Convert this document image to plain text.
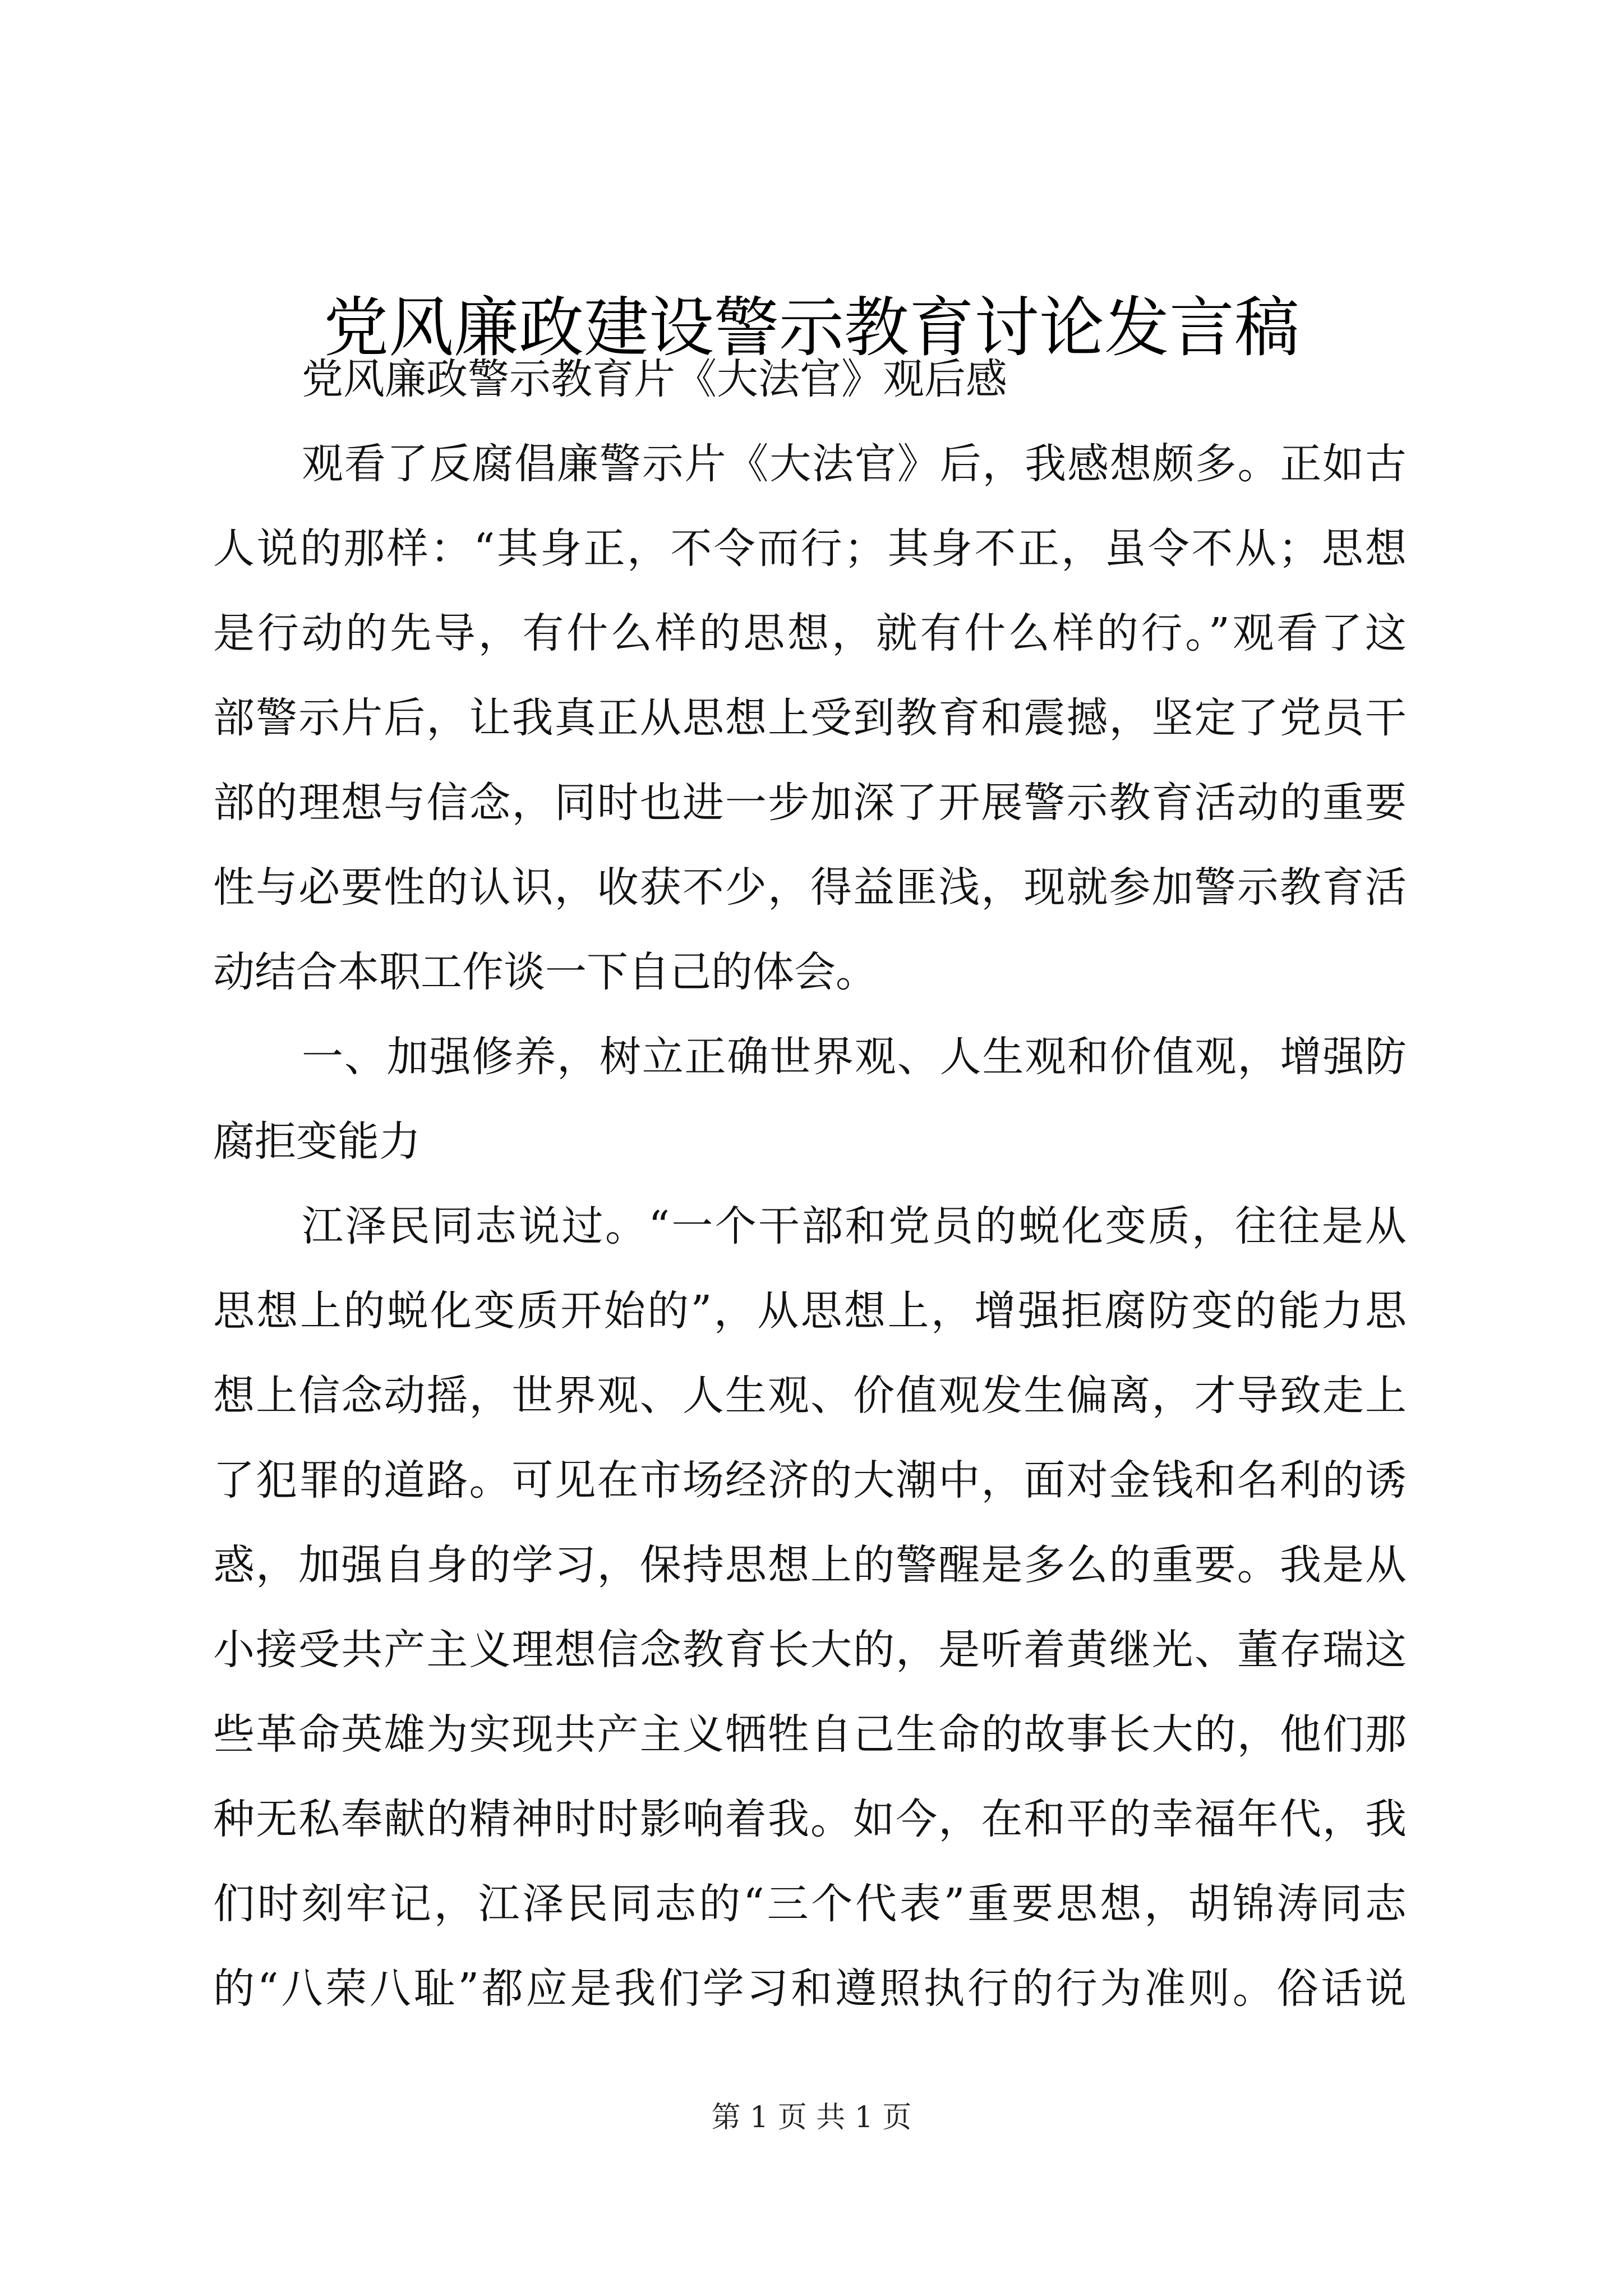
党风廉政建设警示教育讨论发言稿
党风廉政警示教育片《大法官》观后感
观看了反腐倡廉警示片《大法官》后，我感想颇多。正如古
人说的那样：“其身正，不令而行；其身不正，虽令不从；思想
是行动的先导，有什么样的思想，就有什么样的行。”观看了这
部警示片后，让我真正从思想上受到教育和震撼，坚定了党员干
部的理想与信念，同时也进一步加深了开展警示教育活动的重要
性与必要性的认识，收获不少，得益匪浅，现就参加警示教育活
动结合本职工作谈一下自己的体会。
一、加强修养，树立正确世界观、人生观和价值观，增强防
腐拒变能力
江泽民同志说过。“一个干部和党员的蜕化变质，往往是从
思想上的蜕化变质开始的”，从思想上，增强拒腐防变的能力思
想上信念动摇，世界观、人生观、价值观发生偏离，才导致走上
了犯罪的道路。可见在市场经济的大潮中，面对金钱和名利的诱
惑，加强自身的学习，保持思想上的警醒是多么的重要。我是从
小接受共产主义理想信念教育长大的，是听着黄继光、董存瑞这
些革命英雄为实现共产主义牺牲自己生命的故事长大的，他们那
种无私奉献的精神时时影响着我。如今，在和平的幸福年代，我
们时刻牢记，江泽民同志的“三个代表”重要思想，胡锦涛同志
的“八荣八耻”都应是我们学习和遵照执行的行为准则。俗话说
第 1 页 共 1 页
